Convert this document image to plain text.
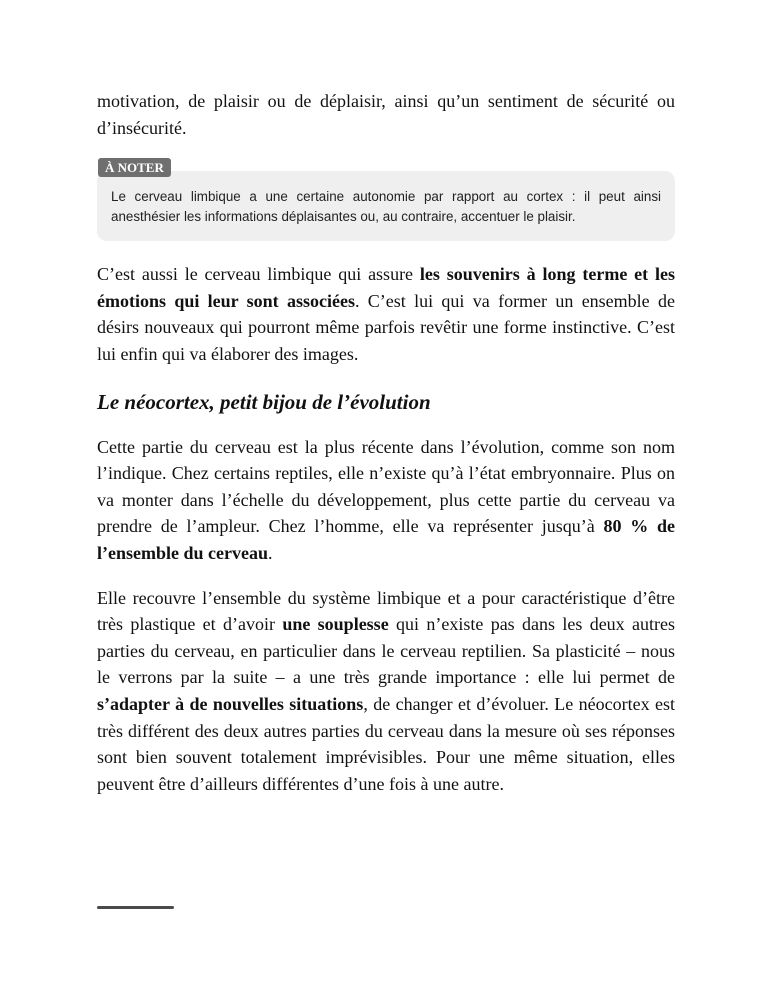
motivation, de plaisir ou de déplaisir, ainsi qu’un sentiment de sécurité ou d’insécurité.

À NOTER
Le cerveau limbique a une certaine autonomie par rapport au cortex : il peut ainsi anesthésier les informations déplaisantes ou, au contraire, accentuer le plaisir.

C’est aussi le cerveau limbique qui assure les souvenirs à long terme et les émotions qui leur sont associées. C’est lui qui va former un ensemble de désirs nouveaux qui pourront même parfois revêtir une forme instinctive. C’est lui enfin qui va élaborer des images.

Le néocortex, petit bijou de l’évolution

Cette partie du cerveau est la plus récente dans l’évolution, comme son nom l’indique. Chez certains reptiles, elle n’existe qu’à l’état embryonnaire. Plus on va monter dans l’échelle du développement, plus cette partie du cerveau va prendre de l’ampleur. Chez l’homme, elle va représenter jusqu’à 80 % de l’ensemble du cerveau.

Elle recouvre l’ensemble du système limbique et a pour caractéristique d’être très plastique et d’avoir une souplesse qui n’existe pas dans les deux autres parties du cerveau, en particulier dans le cerveau reptilien. Sa plasticité – nous le verrons par la suite – a une très grande importance : elle lui permet de s’adapter à de nouvelles situations, de changer et d’évoluer. Le néocortex est très différent des deux autres parties du cerveau dans la mesure où ses réponses sont bien souvent totalement imprévisibles. Pour une même situation, elles peuvent être d’ailleurs différentes d’une fois à une autre.
